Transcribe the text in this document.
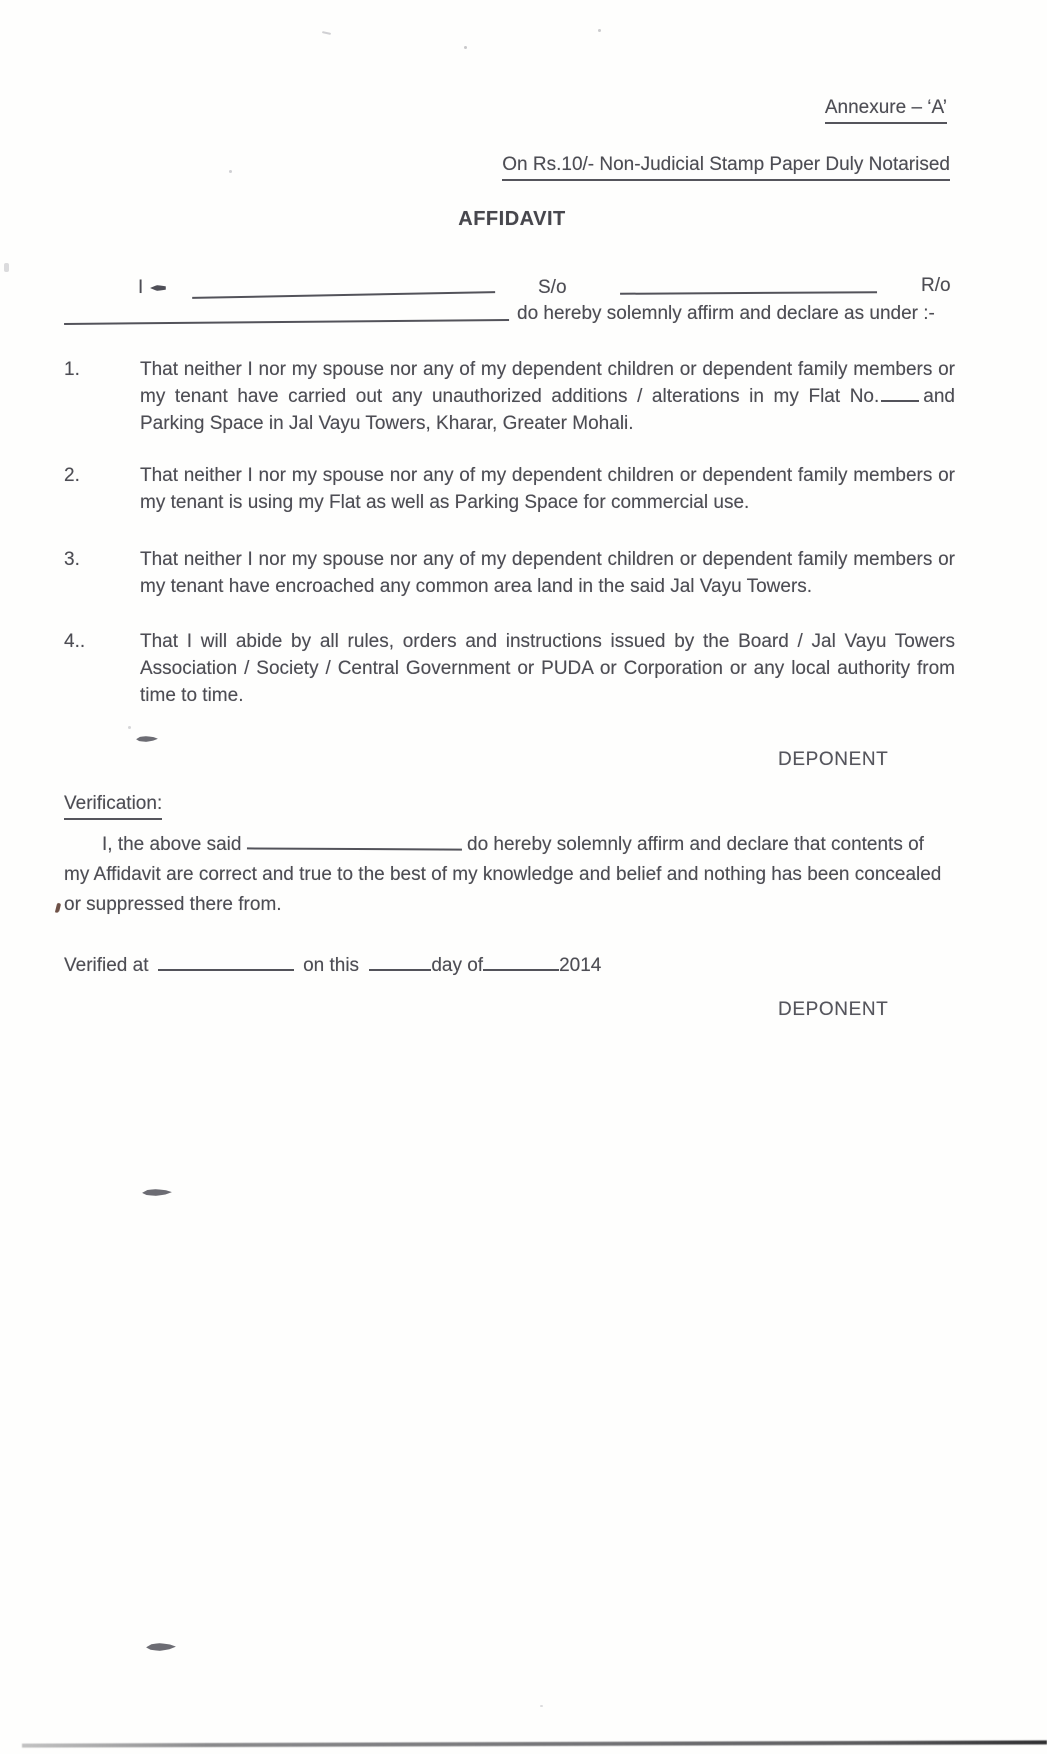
Annexure – ‘A’
On Rs.10/- Non-Judicial Stamp Paper Duly Notarised
AFFIDAVIT
I	S/o	R/o
do hereby solemnly affirm and declare as under :-
1.	That neither I nor my spouse nor any of my dependent children or dependent family members or my tenant have carried out any unauthorized additions / alterations in my Flat No. and Parking Space in Jal Vayu Towers, Kharar, Greater Mohali.
2.	That neither I nor my spouse nor any of my dependent children or dependent family members or my tenant is using my Flat as well as Parking Space for commercial use.
3.	That neither I nor my spouse nor any of my dependent children or dependent family members or my tenant have encroached any common area land in the said Jal Vayu Towers.
4..	That I will abide by all rules, orders and instructions issued by the Board / Jal Vayu Towers Association / Society / Central Government or PUDA or Corporation or any local authority from time to time.
DEPONENT
Verification:
I, the above said	do hereby solemnly affirm and declare that contents of my Affidavit are correct and true to the best of my knowledge and belief and nothing has been concealed or suppressed there from.
Verified at	on this	day of	2014
DEPONENT
